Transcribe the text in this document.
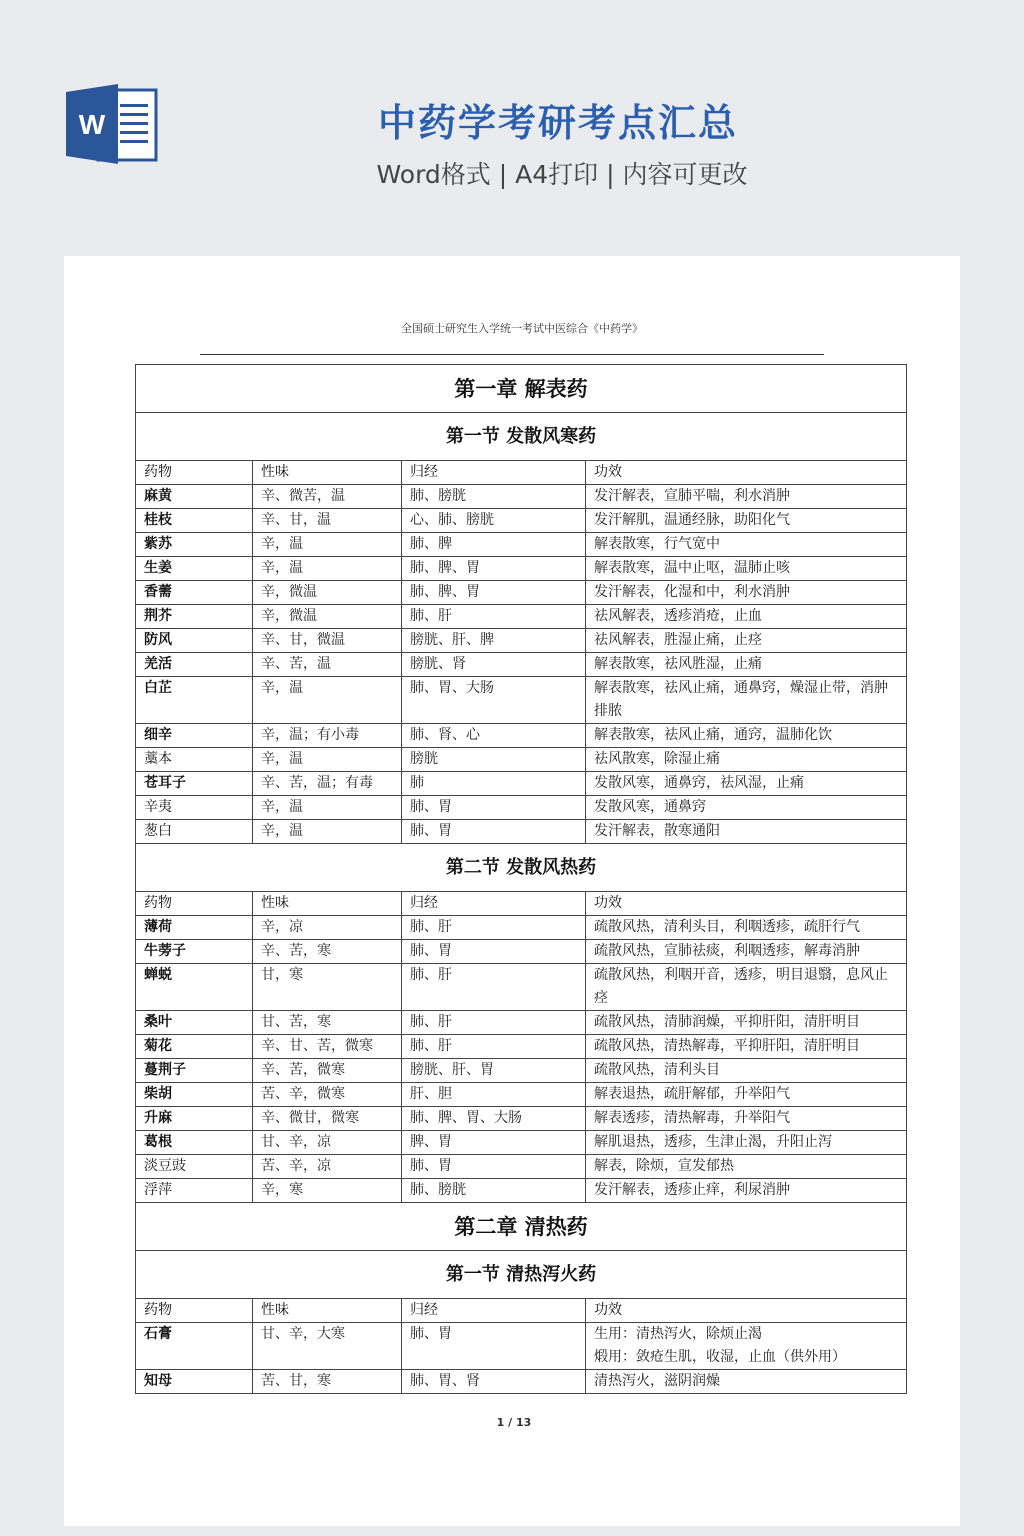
W	中药学考研考点汇总
Word格式 | A4打印 | 内容可更改
全国硕士研究生入学统一考试中医综合《中药学》
第一章 解表药			
第一节 发散风寒药			
药物	性味	归经	功效
麻黄	辛、微苦，温	肺、膀胱	发汗解表，宣肺平喘，利水消肿

桂枝	辛、甘，温	心、肺、膀胱	发汗解肌，温通经脉，助阳化气

紫苏	辛，温	肺、脾	解表散寒，行气宽中

生姜	辛，温	肺、脾、胃	解表散寒，温中止呕，温肺止咳

香薷	辛，微温	肺、脾、胃	发汗解表，化湿和中，利水消肿

荆芥	辛，微温	肺、肝	祛风解表，透疹消疮，止血

防风	辛、甘，微温	膀胱、肝、脾	祛风解表，胜湿止痛，止痉

羌活	辛、苦，温	膀胱、肾	解表散寒，祛风胜湿，止痛

白芷	辛，温	肺、胃、大肠	解表散寒，祛风止痛，通鼻窍，燥湿止带，消肿排脓

细辛	辛，温；有小毒	肺、肾、心	解表散寒，祛风止痛，通窍，温肺化饮

藁本	辛，温	膀胱	祛风散寒，除湿止痛

苍耳子	辛、苦，温；有毒	肺	发散风寒，通鼻窍，祛风湿，止痛

辛夷	辛，温	肺、胃	发散风寒，通鼻窍

葱白	辛，温	肺、胃	发汗解表，散寒通阳

第二节 发散风热药			
药物	性味	归经	功效
薄荷	辛，凉	肺、肝	疏散风热，清利头目，利咽透疹，疏肝行气

牛蒡子	辛、苦，寒	肺、胃	疏散风热，宣肺祛痰，利咽透疹，解毒消肿

蝉蜕	甘，寒	肺、肝	疏散风热，利咽开音，透疹，明目退翳，息风止痉

桑叶	甘、苦，寒	肺、肝	疏散风热，清肺润燥，平抑肝阳，清肝明目

菊花	辛、甘、苦，微寒	肺、肝	疏散风热，清热解毒，平抑肝阳，清肝明目

蔓荆子	辛、苦，微寒	膀胱、肝、胃	疏散风热，清利头目

柴胡	苦、辛，微寒	肝、胆	解表退热，疏肝解郁，升举阳气

升麻	辛、微甘，微寒	肺、脾、胃、大肠	解表透疹，清热解毒，升举阳气

葛根	甘、辛，凉	脾、胃	解肌退热，透疹，生津止渴，升阳止泻

淡豆豉	苦、辛，凉	肺、胃	解表，除烦，宣发郁热

浮萍	辛，寒	肺、膀胱	发汗解表，透疹止痒，利尿消肿

第二章 清热药			
第一节 清热泻火药			
药物	性味	归经	功效
石膏	甘、辛，大寒	肺、胃	生用：清热泻火，除烦止渴
煅用：敛疮生肌，收湿，止血（供外用）

知母	苦、甘，寒	肺、胃、肾	清热泻火，滋阴润燥
1 / 13
